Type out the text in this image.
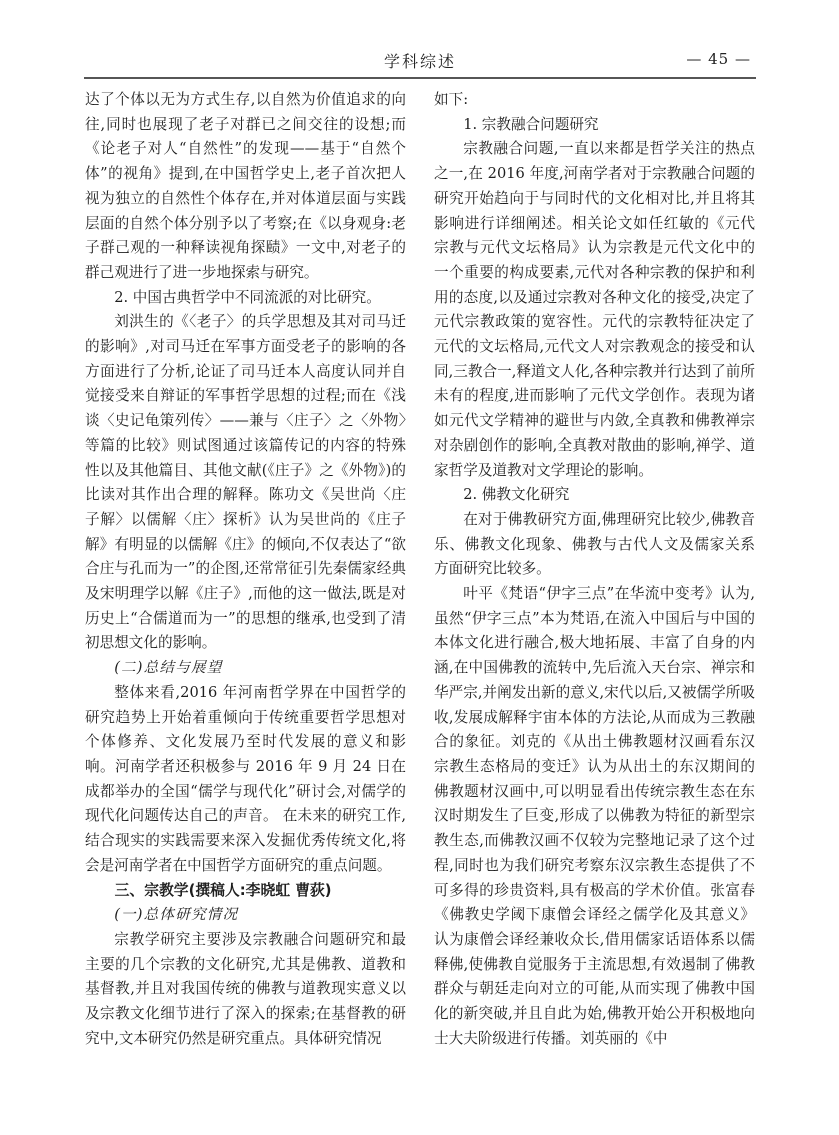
学科综述	— 45 —

达了个体以无为方式生存,以自然为价值追求的向往,同时也展现了老子对群已之间交往的设想;而《论老子对人“自然性”的发现——基于“自然个体”的视角》提到,在中国哲学史上,老子首次把人视为独立的自然性个体存在,并对体道层面与实践层面的自然个体分别予以了考察;在《以身观身:老子群己观的一种释读视角探赜》一文中,对老子的群己观进行了进一步地探索与研究。

2. 中国古典哲学中不同流派的对比研究。

刘洪生的《〈老子〉的兵学思想及其对司马迁的影响》,对司马迁在军事方面受老子的影响的各方面进行了分析,论证了司马迁本人高度认同并自觉接受来自辩证的军事哲学思想的过程;而在《浅谈〈史记龟策列传〉——兼与〈庄子〉之〈外物〉等篇的比较》则试图通过该篇传记的内容的特殊性以及其他篇目、其他文献(《庄子》之《外物》)的比读对其作出合理的解释。陈功文《吴世尚〈庄子解〉以儒解〈庄〉探析》认为吴世尚的《庄子解》有明显的以儒解《庄》的倾向,不仅表达了“欲合庄与孔而为一”的企图,还常常征引先秦儒家经典及宋明理学以解《庄子》,而他的这一做法,既是对历史上“合儒道而为一”的思想的继承,也受到了清初思想文化的影响。

(二)总结与展望

整体来看,2016 年河南哲学界在中国哲学的研究趋势上开始着重倾向于传统重要哲学思想对个体修养、文化发展乃至时代发展的意义和影响。河南学者还积极参与 2016 年 9 月 24 日在成都举办的全国“儒学与现代化”研讨会,对儒学的现代化问题传达自己的声音。 在未来的研究工作,结合现实的实践需要来深入发掘优秀传统文化,将会是河南学者在中国哲学方面研究的重点问题。

三、宗教学(撰稿人:李晓虹 曹荻)

(一)总体研究情况

宗教学研究主要涉及宗教融合问题研究和最主要的几个宗教的文化研究,尤其是佛教、道教和基督教,并且对我国传统的佛教与道教现实意义以及宗教文化细节进行了深入的探索;在基督教的研究中,文本研究仍然是研究重点。具体研究情况

如下:

1. 宗教融合问题研究

宗教融合问题,一直以来都是哲学关注的热点之一,在 2016 年度,河南学者对于宗教融合问题的研究开始趋向于与同时代的文化相对比,并且将其影响进行详细阐述。相关论文如任红敏的《元代宗教与元代文坛格局》认为宗教是元代文化中的一个重要的构成要素,元代对各种宗教的保护和利用的态度,以及通过宗教对各种文化的接受,决定了元代宗教政策的宽容性。元代的宗教特征决定了元代的文坛格局,元代文人对宗教观念的接受和认同,三教合一,释道文人化,各种宗教并行达到了前所未有的程度,进而影响了元代文学创作。表现为诸如元代文学精神的避世与内敛,全真教和佛教禅宗对杂剧创作的影响,全真教对散曲的影响,禅学、道家哲学及道教对文学理论的影响。

2. 佛教文化研究

在对于佛教研究方面,佛理研究比较少,佛教音乐、佛教文化现象、佛教与古代人文及儒家关系方面研究比较多。

叶平《梵语“伊字三点”在华流中变考》认为,虽然“伊字三点”本为梵语,在流入中国后与中国的本体文化进行融合,极大地拓展、丰富了自身的内涵,在中国佛教的流转中,先后流入天台宗、禅宗和华严宗,并阐发出新的意义,宋代以后,又被儒学所吸收,发展成解释宇宙本体的方法论,从而成为三教融合的象征。刘克的《从出土佛教题材汉画看东汉宗教生态格局的变迁》认为从出土的东汉期间的佛教题材汉画中,可以明显看出传统宗教生态在东汉时期发生了巨变,形成了以佛教为特征的新型宗教生态,而佛教汉画不仅较为完整地记录了这个过程,同时也为我们研究考察东汉宗教生态提供了不可多得的珍贵资料,具有极高的学术价值。张富春《佛教史学阈下康僧会译经之儒学化及其意义》认为康僧会译经兼收众长,借用儒家话语体系以儒释佛,使佛教自觉服务于主流思想,有效遏制了佛教群众与朝廷走向对立的可能,从而实现了佛教中国化的新突破,并且自此为始,佛教开始公开积极地向士大夫阶级进行传播。刘英丽的《中
